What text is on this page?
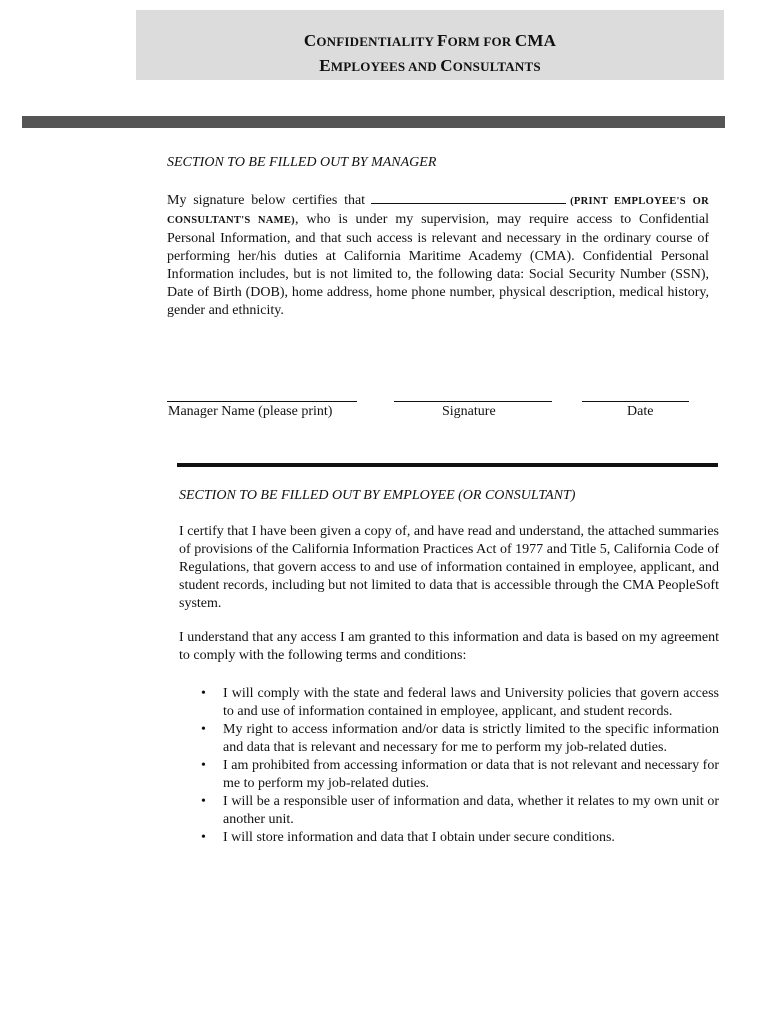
CONFIDENTIALITY FORM FOR CMA
EMPLOYEES AND CONSULTANTS
SECTION TO BE FILLED OUT BY MANAGER
My signature below certifies that	(PRINT EMPLOYEE'S OR CONSULTANT'S NAME), who is under my supervision, may require access to Confidential Personal Information, and that such access is relevant and necessary in the ordinary course of performing her/his duties at California Maritime Academy (CMA). Confidential Personal Information includes, but is not limited to, the following data: Social Security Number (SSN), Date of Birth (DOB), home address, home phone number, physical description, medical history, gender and ethnicity.
Manager Name (please print)	Signature	Date
SECTION TO BE FILLED OUT BY EMPLOYEE (OR CONSULTANT)
I certify that I have been given a copy of, and have read and understand, the attached summaries of provisions of the California Information Practices Act of 1977 and Title 5, California Code of Regulations, that govern access to and use of information contained in employee, applicant, and student records, including but not limited to data that is accessible through the CMA PeopleSoft system.
I understand that any access I am granted to this information and data is based on my agreement to comply with the following terms and conditions:
• I will comply with the state and federal laws and University policies that govern access to and use of information contained in employee, applicant, and student records.
• My right to access information and/or data is strictly limited to the specific information and data that is relevant and necessary for me to perform my job-related duties.
• I am prohibited from accessing information or data that is not relevant and necessary for me to perform my job-related duties.
• I will be a responsible user of information and data, whether it relates to my own unit or another unit.
• I will store information and data that I obtain under secure conditions.
